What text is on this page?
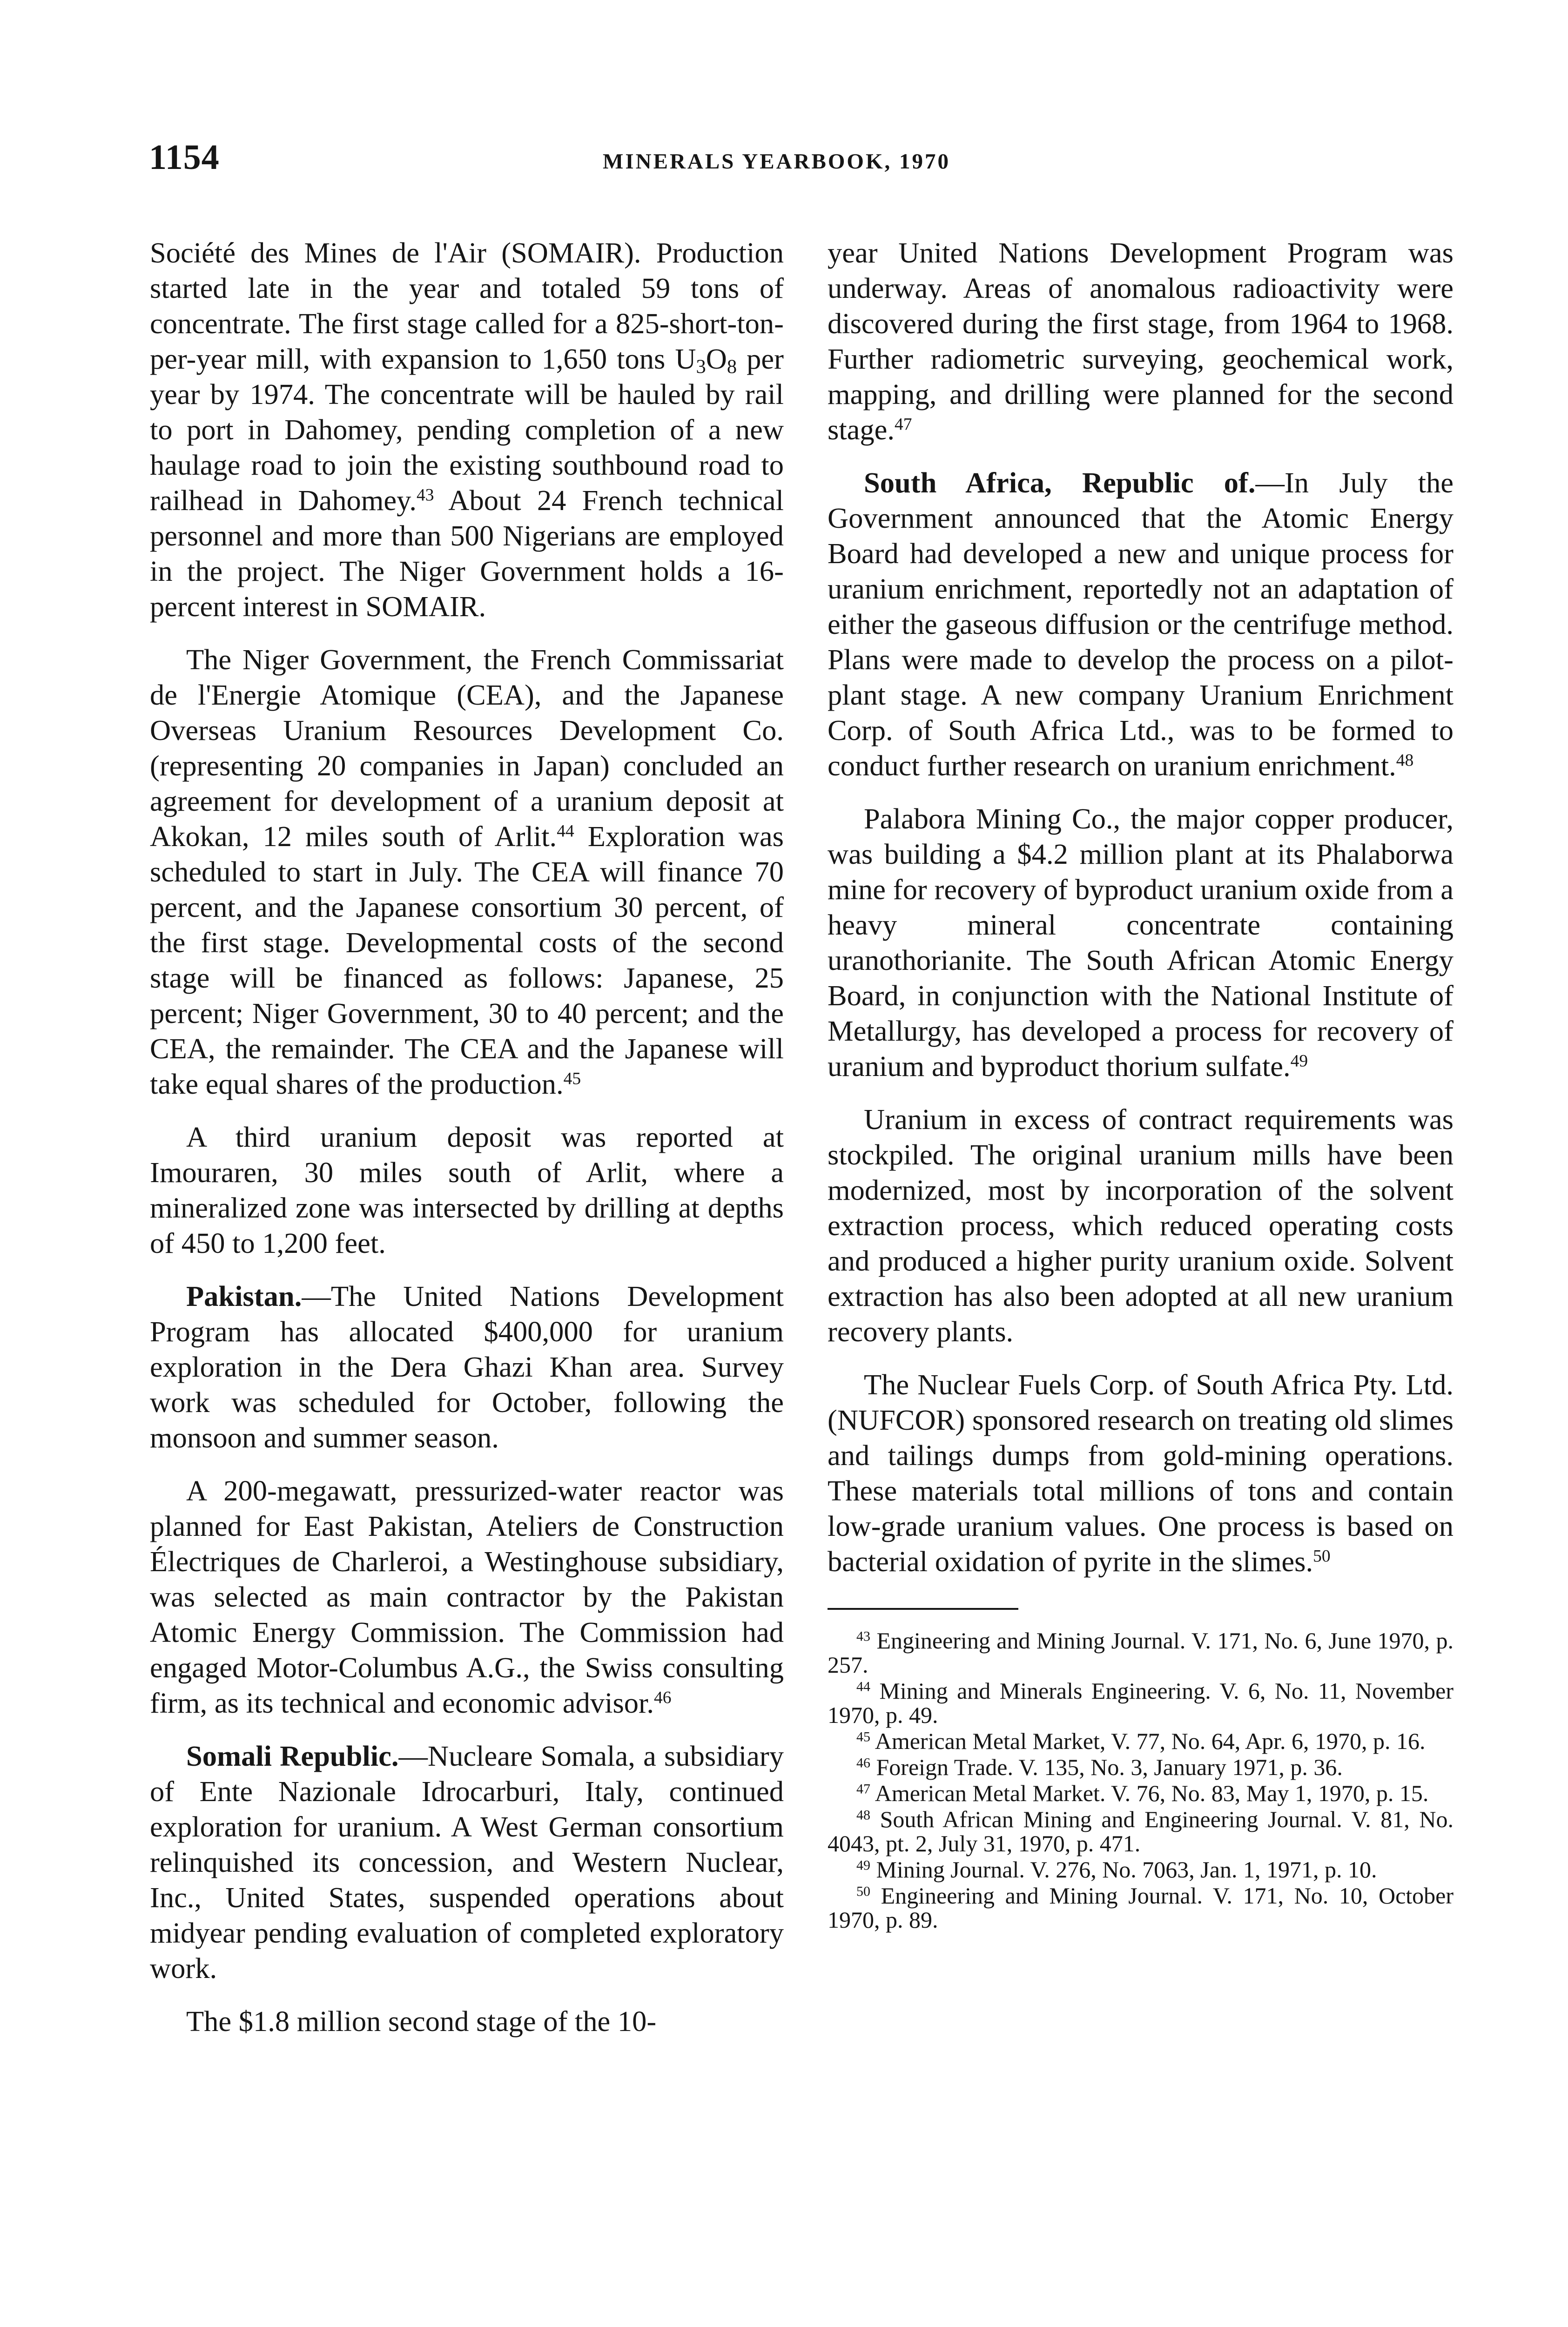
1154	MINERALS YEARBOOK, 1970

Société des Mines de l'Air (SOMAIR). Production started late in the year and totaled 59 tons of concentrate. The first stage called for a 825-short-ton-per-year mill, with expansion to 1,650 tons $U_3O_8$ per year by 1974. The concentrate will be hauled by rail to port in Dahomey, pending completion of a new haulage road to join the existing southbound road to railhead in Dahomey.$^{43}$ About 24 French technical personnel and more than 500 Nigerians are employed in the project. The Niger Government holds a 16-percent interest in SOMAIR.

The Niger Government, the French Commissariat de l'Energie Atomique (CEA), and the Japanese Overseas Uranium Resources Development Co. (representing 20 companies in Japan) concluded an agreement for development of a uranium deposit at Akokan, 12 miles south of Arlit.$^{44}$ Exploration was scheduled to start in July. The CEA will finance 70 percent, and the Japanese consortium 30 percent, of the first stage. Developmental costs of the second stage will be financed as follows: Japanese, 25 percent; Niger Government, 30 to 40 percent; and the CEA, the remainder. The CEA and the Japanese will take equal shares of the production.$^{45}$

A third uranium deposit was reported at Imouraren, 30 miles south of Arlit, where a mineralized zone was intersected by drilling at depths of 450 to 1,200 feet.

Pakistan.—The United Nations Development Program has allocated $400,000 for uranium exploration in the Dera Ghazi Khan area. Survey work was scheduled for October, following the monsoon and summer season.

A 200-megawatt, pressurized-water reactor was planned for East Pakistan, Ateliers de Construction Électriques de Charleroi, a Westinghouse subsidiary, was selected as main contractor by the Pakistan Atomic Energy Commission. The Commission had engaged Motor-Columbus A.G., the Swiss consulting firm, as its technical and economic advisor.$^{46}$

Somali Republic.—Nucleare Somala, a subsidiary of Ente Nazionale Idrocarburi, Italy, continued exploration for uranium. A West German consortium relinquished its concession, and Western Nuclear, Inc., United States, suspended operations about midyear pending evaluation of completed exploratory work.

The $1.8 million second stage of the 10-

year United Nations Development Program was underway. Areas of anomalous radioactivity were discovered during the first stage, from 1964 to 1968. Further radiometric surveying, geochemical work, mapping, and drilling were planned for the second stage.$^{47}$

South Africa, Republic of.—In July the Government announced that the Atomic Energy Board had developed a new and unique process for uranium enrichment, reportedly not an adaptation of either the gaseous diffusion or the centrifuge method. Plans were made to develop the process on a pilot-plant stage. A new company Uranium Enrichment Corp. of South Africa Ltd., was to be formed to conduct further research on uranium enrichment.$^{48}$

Palabora Mining Co., the major copper producer, was building a $4.2 million plant at its Phalaborwa mine for recovery of byproduct uranium oxide from a heavy mineral concentrate containing uranothorianite. The South African Atomic Energy Board, in conjunction with the National Institute of Metallurgy, has developed a process for recovery of uranium and byproduct thorium sulfate.$^{49}$

Uranium in excess of contract requirements was stockpiled. The original uranium mills have been modernized, most by incorporation of the solvent extraction process, which reduced operating costs and produced a higher purity uranium oxide. Solvent extraction has also been adopted at all new uranium recovery plants.

The Nuclear Fuels Corp. of South Africa Pty. Ltd. (NUFCOR) sponsored research on treating old slimes and tailings dumps from gold-mining operations. These materials total millions of tons and contain low-grade uranium values. One process is based on bacterial oxidation of pyrite in the slimes.$^{50}$

$^{43}$ Engineering and Mining Journal. V. 171, No. 6, June 1970, p. 257.

$^{44}$ Mining and Minerals Engineering. V. 6, No. 11, November 1970, p. 49.

$^{45}$ American Metal Market, V. 77, No. 64, Apr. 6, 1970, p. 16.

$^{46}$ Foreign Trade. V. 135, No. 3, January 1971, p. 36.

$^{47}$ American Metal Market. V. 76, No. 83, May 1, 1970, p. 15.

$^{48}$ South African Mining and Engineering Journal. V. 81, No. 4043, pt. 2, July 31, 1970, p. 471.

$^{49}$ Mining Journal. V. 276, No. 7063, Jan. 1, 1971, p. 10.

$^{50}$ Engineering and Mining Journal. V. 171, No. 10, October 1970, p. 89.
